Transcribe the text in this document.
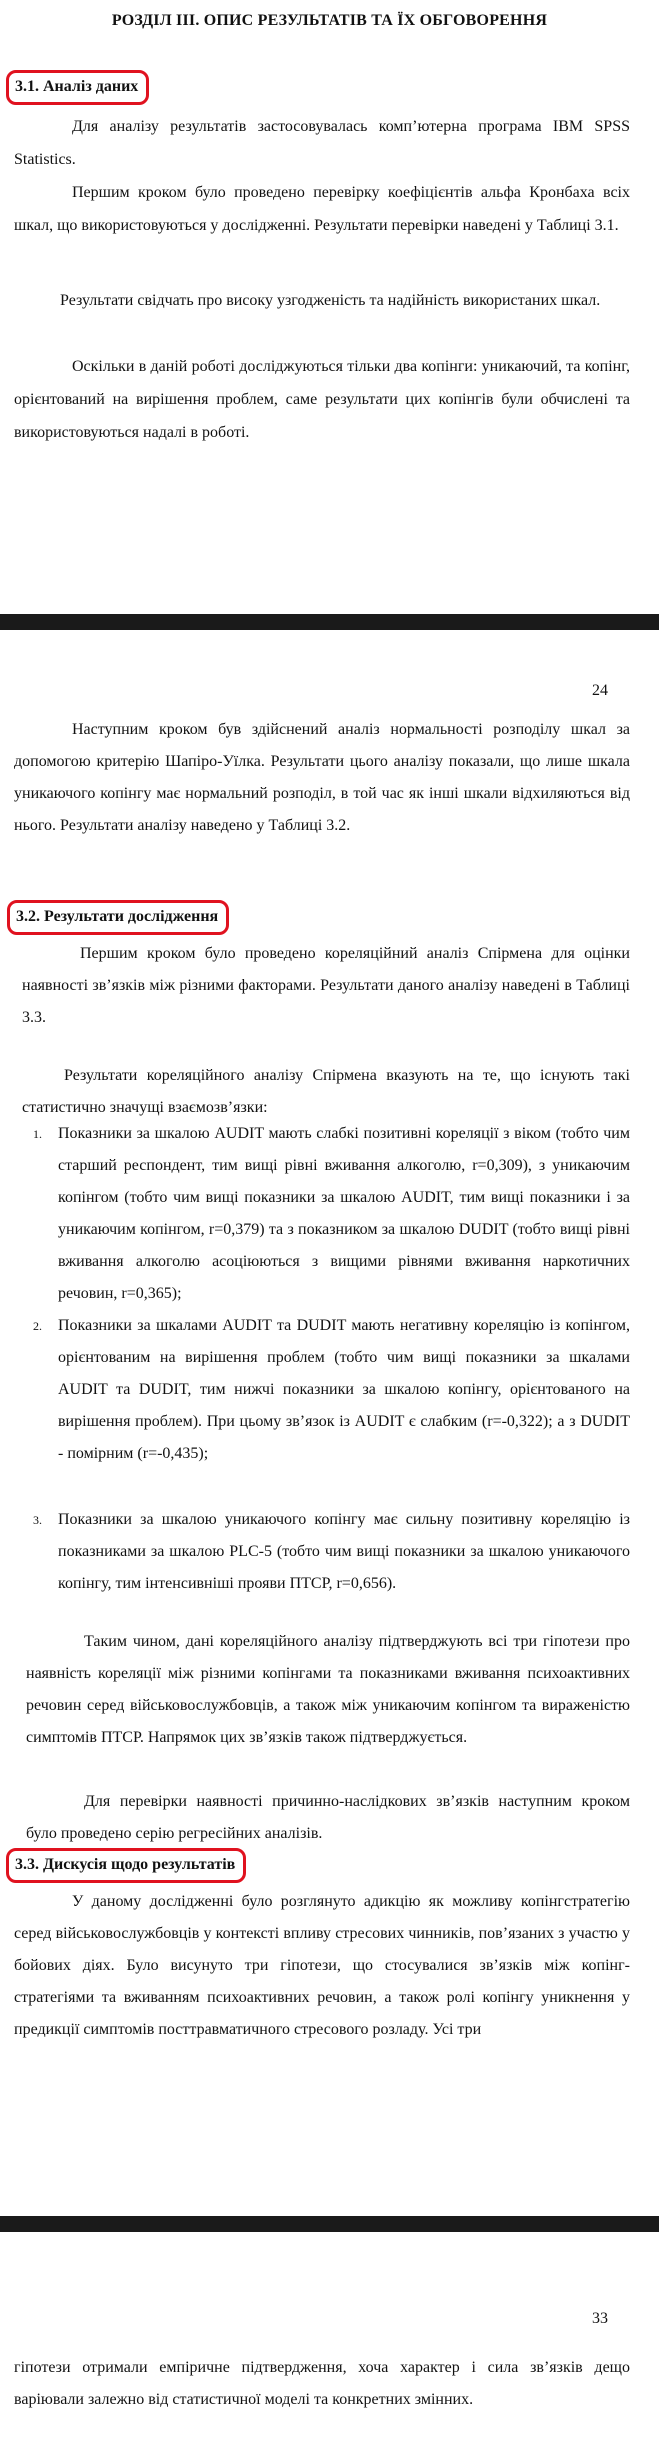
РОЗДІЛ ІІІ. ОПИС РЕЗУЛЬТАТІВ ТА ЇХ ОБГОВОРЕННЯ
3.1. Аналіз даних

Для аналізу результатів застосовувалась комп’ютерна програма IBM SPSS Statistics.

Першим кроком було проведено перевірку коефіцієнтів альфа Кронбаха всіх шкал, що використовуються у дослідженні. Результати перевірки наведені у Таблиці 3.1.

Результати свідчать про високу узгодженість та надійність використаних шкал.

Оскільки в даній роботі досліджуються тільки два копінги: уникаючий, та копінг, орієнтований на вирішення проблем, саме результати цих копінгів були обчислені та використовуються надалі в роботі.

24

Наступним кроком був здійснений аналіз нормальності розподілу шкал за допомогою критерію Шапіро-Уїлка. Результати цього аналізу показали, що лише шкала уникаючого копінгу має нормальний розподіл, в той час як інші шкали відхиляються від нього. Результати аналізу наведено у Таблиці 3.2.

3.2. Результати дослідження

Першим кроком було проведено кореляційний аналіз Спірмена для оцінки наявності зв’язків між різними факторами. Результати даного аналізу наведені в Таблиці 3.3.

Результати кореляційного аналізу Спірмена вказують на те, що існують такі статистично значущі взаємозв’язки:

1. Показники за шкалою AUDIT мають слабкі позитивні кореляції з віком (тобто чим старший респондент, тим вищі рівні вживання алкоголю, r=0,309), з уникаючим копінгом (тобто чим вищі показники за шкалою AUDIT, тим вищі показники і за уникаючим копінгом, r=0,379) та з показником за шкалою DUDIT (тобто вищі рівні вживання алкоголю асоціюються з вищими рівнями вживання наркотичних речовин, r=0,365);
2. Показники за шкалами AUDIT та DUDIT мають негативну кореляцію із копінгом, орієнтованим на вирішення проблем (тобто чим вищі показники за шкалами AUDIT та DUDIT, тим нижчі показники за шкалою копінгу, орієнтованого на вирішення проблем). При цьому зв’язок із AUDIT є слабким (r=-0,322); а з DUDIT - помірним (r=-0,435);
3. Показники за шкалою уникаючого копінгу має сильну позитивну кореляцію із показниками за шкалою PLC-5 (тобто чим вищі показники за шкалою уникаючого копінгу, тим інтенсивніші прояви ПТСР, r=0,656).

Таким чином, дані кореляційного аналізу підтверджують всі три гіпотези про наявність кореляції між різними копінгами та показниками вживання психоактивних речовин серед військовослужбовців, а також між уникаючим копінгом та вираженістю симптомів ПТСР. Напрямок цих зв’язків також підтверджується.

Для перевірки наявності причинно-наслідкових зв’язків наступним кроком було проведено серію регресійних аналізів.

3.3. Дискусія щодо результатів

У даному дослідженні було розглянуто адикцію як можливу копінгстратегію серед військовослужбовців у контексті впливу стресових чинників, пов’язаних з участю у бойових діях. Було висунуто три гіпотези, що стосувалися зв’язків між копінг-стратегіями та вживанням психоактивних речовин, а також ролі копінгу уникнення у предикції симптомів посттравматичного стресового розладу. Усі три

33

гіпотези отримали емпіричне підтвердження, хоча характер і сила зв’язків дещо варіювали залежно від статистичної моделі та конкретних змінних.
